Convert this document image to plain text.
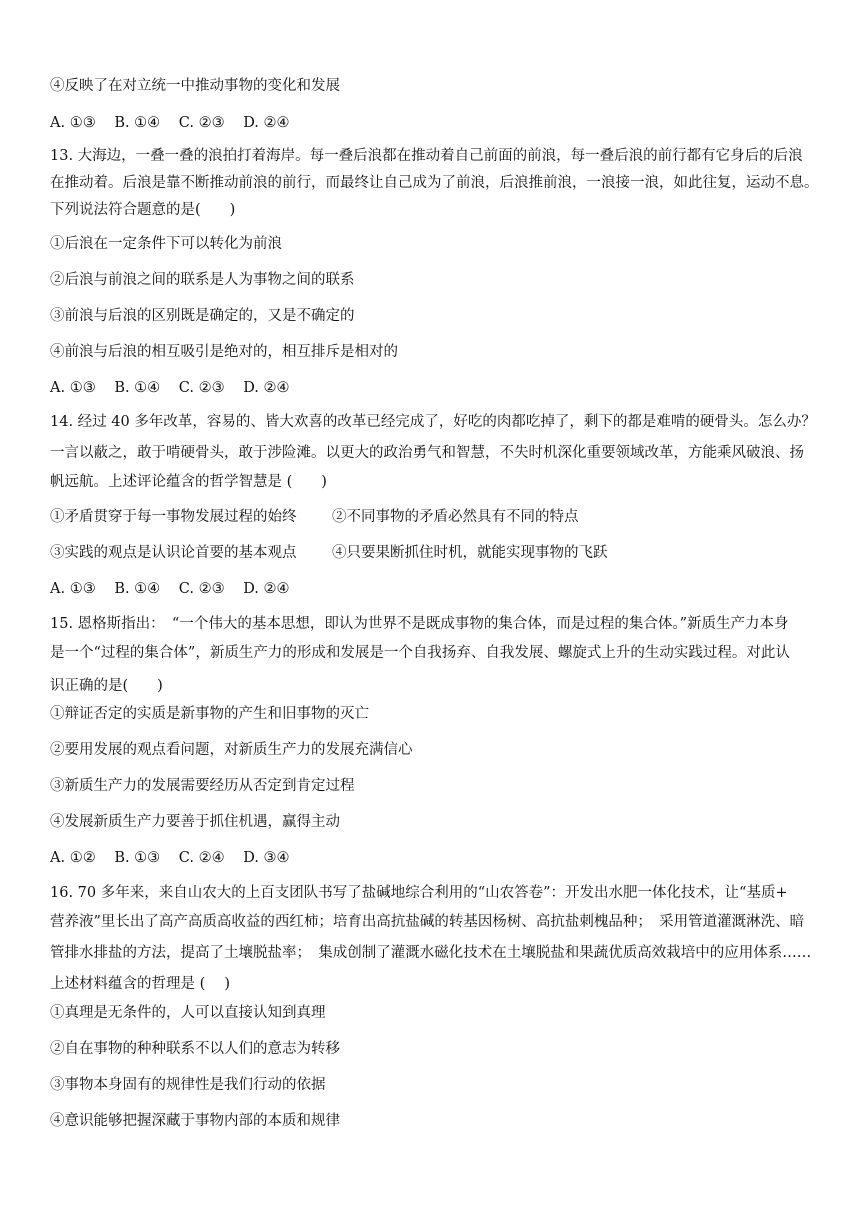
④反映了在对立统一中推动事物的变化和发展
A. ①③ B. ①④ C. ②③ D. ②④
13. 大海边，一叠一叠的浪拍打着海岸。每一叠后浪都在推动着自己前面的前浪，每一叠后浪的前行都有它身后的后浪
在推动着。后浪是靠不断推动前浪的前行，而最终让自己成为了前浪，后浪推前浪，一浪接一浪，如此往复，运动不息。
下列说法符合题意的是(　　)
①后浪在一定条件下可以转化为前浪
②后浪与前浪之间的联系是人为事物之间的联系
③前浪与后浪的区别既是确定的，又是不确定的
④前浪与后浪的相互吸引是绝对的，相互排斥是相对的
A. ①③ B. ①④ C. ②③ D. ②④
14. 经过 40 多年改革，容易的、皆大欢喜的改革已经完成了，好吃的肉都吃掉了，剩下的都是难啃的硬骨头。怎么办？
一言以蔽之，敢于啃硬骨头，敢于涉险滩。以更大的政治勇气和智慧，不失时机深化重要领域改革，方能乘风破浪、扬
帆远航。上述评论蕴含的哲学智慧是 (　　)
①矛盾贯穿于每一事物发展过程的始终 ②不同事物的矛盾必然具有不同的特点
③实践的观点是认识论首要的基本观点 ④只要果断抓住时机，就能实现事物的飞跃
A. ①③ B. ①④ C. ②③ D. ②④
15. 恩格斯指出：　“一个伟大的基本思想，即认为世界不是既成事物的集合体，而是过程的集合体。”新质生产力本身
是一个“过程的集合体”，新质生产力的形成和发展是一个自我扬弃、自我发展、螺旋式上升的生动实践过程。对此认
识正确的是(　　)
①辩证否定的实质是新事物的产生和旧事物的灭亡
②要用发展的观点看问题，对新质生产力的发展充满信心
③新质生产力的发展需要经历从否定到肯定过程
④发展新质生产力要善于抓住机遇，赢得主动
A. ①② B. ①③ C. ②④ D. ③④
16. 70 多年来，来自山农大的上百支团队书写了盐碱地综合利用的“山农答卷”：开发出水肥一体化技术，让“基质+
营养液”里长出了高产高质高收益的西红柿；培育出高抗盐碱的转基因杨树、高抗盐刺槐品种；　采用管道灌溉淋洗、暗
管排水排盐的方法，提高了土壤脱盐率；　集成创制了灌溉水磁化技术在土壤脱盐和果蔬优质高效栽培中的应用体系……
上述材料蕴含的哲理是 (　 )
①真理是无条件的，人可以直接认知到真理
②自在事物的种种联系不以人们的意志为转移
③事物本身固有的规律性是我们行动的依据
④意识能够把握深藏于事物内部的本质和规律
